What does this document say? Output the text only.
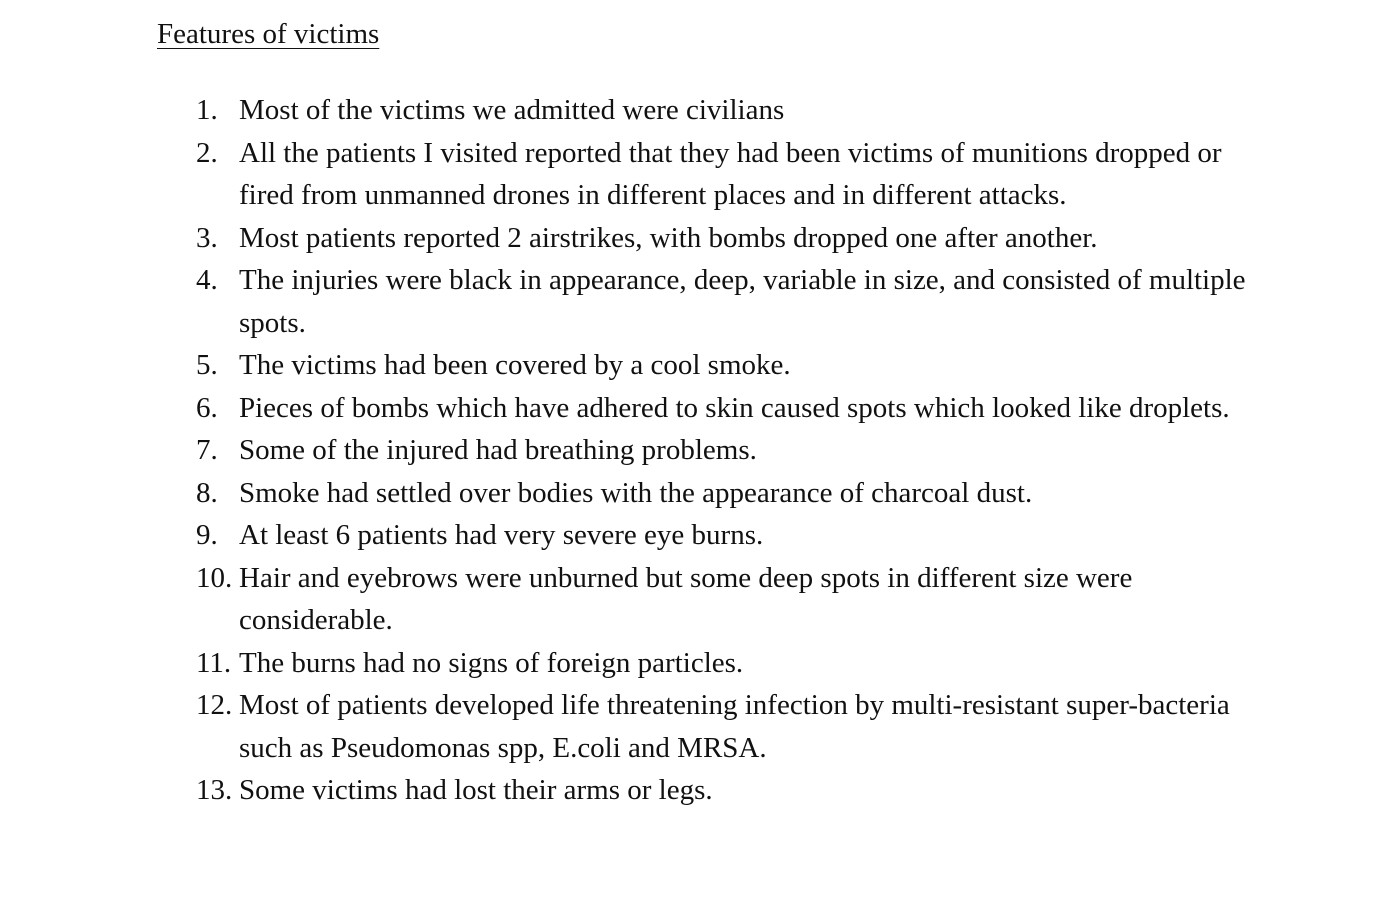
Features of victims
1. Most of the victims we admitted were civilians
2. All the patients I visited reported that they had been victims of munitions dropped or fired from unmanned drones in different places and in different attacks.
3. Most patients reported 2 airstrikes, with bombs dropped one after another.
4. The injuries were black in appearance, deep, variable in size, and consisted of multiple spots.
5. The victims had been covered by a cool smoke.
6. Pieces of bombs which have adhered to skin caused spots which looked like droplets.
7. Some of the injured had breathing problems.
8. Smoke had settled over bodies with the appearance of charcoal dust.
9. At least 6 patients had very severe eye burns.
10. Hair and eyebrows were unburned but some deep spots in different size were considerable.
11. The burns had no signs of foreign particles.
12. Most of patients developed life threatening infection by multi-resistant super-bacteria such as Pseudomonas spp, E.coli and MRSA.
13. Some victims had lost their arms or legs.
